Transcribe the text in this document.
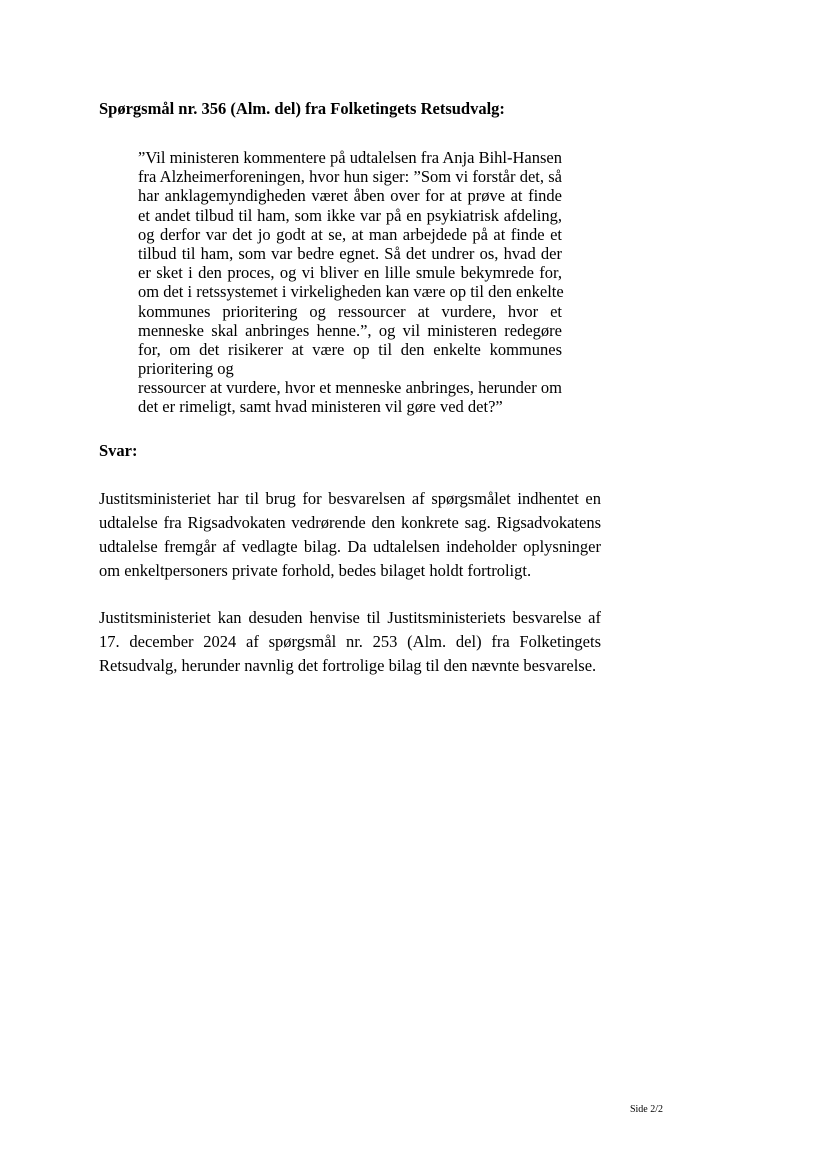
Spørgsmål nr. 356 (Alm. del) fra Folketingets Retsudvalg:
”Vil ministeren kommentere på udtalelsen fra Anja Bihl-Hansen
fra Alzheimerforeningen, hvor hun siger: ”Som vi forstår det, så
har anklagemyndigheden været åben over for at prøve at finde
et andet tilbud til ham, som ikke var på en psykiatrisk afdeling,
og derfor var det jo godt at se, at man arbejdede på at finde et
tilbud til ham, som var bedre egnet. Så det undrer os, hvad der
er sket i den proces, og vi bliver en lille smule bekymrede for,
om det i retssystemet i virkeligheden kan være op til den enkelte
kommunes prioritering og ressourcer at vurdere, hvor et
menneske skal anbringes henne.”, og vil ministeren redegøre
for, om det risikerer at være op til den enkelte kommunes
prioritering og
ressourcer at vurdere, hvor et menneske anbringes, herunder om
det er rimeligt, samt hvad ministeren vil gøre ved det?”
Svar:
Justitsministeriet har til brug for besvarelsen af spørgsmålet indhentet en
udtalelse fra Rigsadvokaten vedrørende den konkrete sag. Rigsadvokatens
udtalelse fremgår af vedlagte bilag. Da udtalelsen indeholder oplysninger
om enkeltpersoners private forhold, bedes bilaget holdt fortroligt.
Justitsministeriet kan desuden henvise til Justitsministeriets besvarelse af
17. december 2024 af spørgsmål nr. 253 (Alm. del) fra Folketingets
Retsudvalg, herunder navnlig det fortrolige bilag til den nævnte besvarelse.
Side 2/2
